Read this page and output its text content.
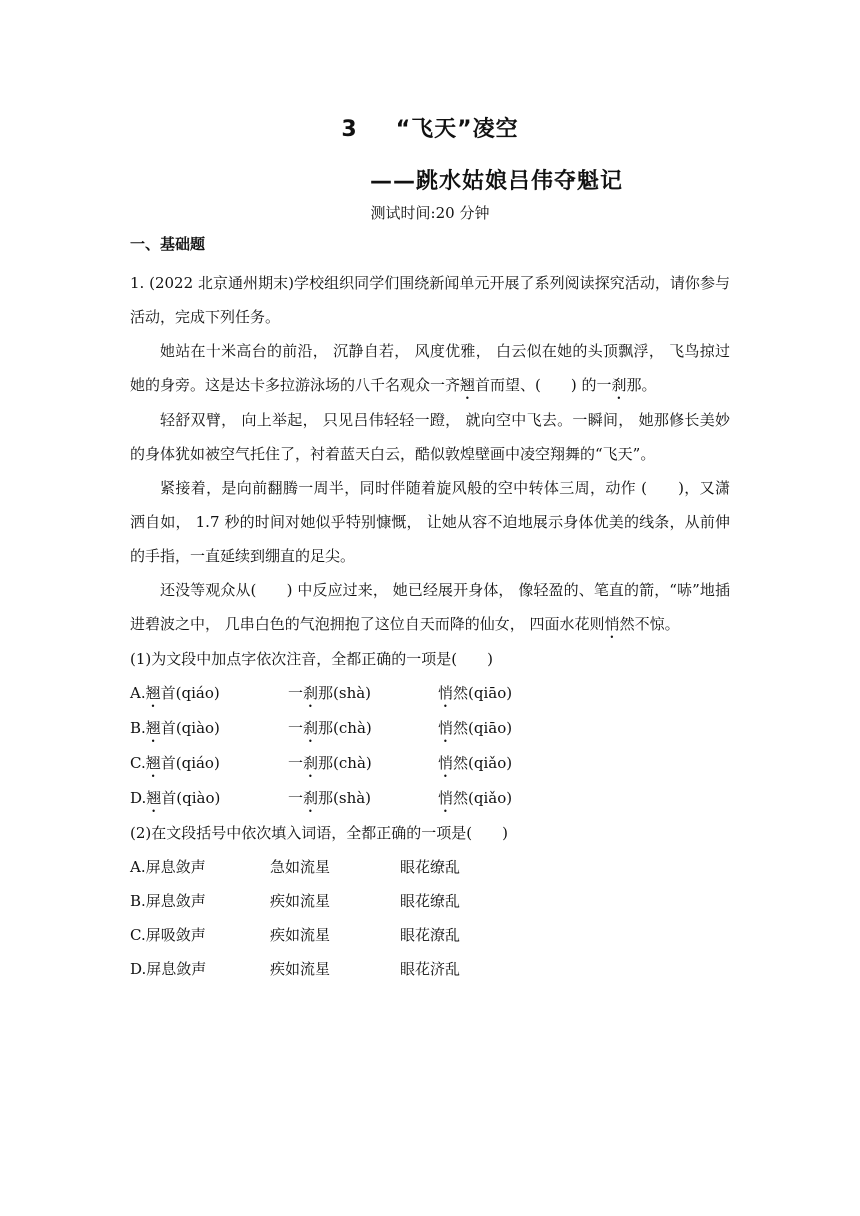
3 “飞天”凌空
——跳水姑娘吕伟夺魁记
测试时间:20 分钟
一、基础题

1. (2022 北京通州期末)学校组织同学们围绕新闻单元开展了系列阅读探究活动，请你参与活动，完成下列任务。

她站在十米高台的前沿， 沉静自若， 风度优雅， 白云似在她的头顶飘浮， 飞鸟掠过她的身旁。这是达卡多拉游泳场的八千名观众一齐翘首而望、(　　) 的一刹那。

轻舒双臂， 向上举起， 只见吕伟轻轻一蹬， 就向空中飞去。一瞬间， 她那修长美妙的身体犹如被空气托住了，衬着蓝天白云，酷似敦煌壁画中凌空翔舞的“飞天”。

紧接着，是向前翻腾一周半，同时伴随着旋风般的空中转体三周，动作 (　　)，又潇洒自如， 1.7 秒的时间对她似乎特别慷慨， 让她从容不迫地展示身体优美的线条，从前伸的手指，一直延续到绷直的足尖。

还没等观众从(　　) 中反应过来， 她已经展开身体， 像轻盈的、笔直的箭，“哧”地插进碧波之中， 几串白色的气泡拥抱了这位自天而降的仙女， 四面水花则悄然不惊。

(1)为文段中加点字依次注音，全都正确的一项是(　　)

A.翘首(qiáo)	一刹那(shà)	悄然(qiāo)
B.翘首(qiào)	一刹那(chà)	悄然(qiāo)
C.翘首(qiáo)	一刹那(chà)	悄然(qiǎo)
D.翘首(qiào)	一刹那(shà)	悄然(qiǎo)

(2)在文段括号中依次填入词语，全都正确的一项是(　　)

A.屏息敛声	急如流星	眼花缭乱
B.屏息敛声	疾如流星	眼花缭乱
C.屏吸敛声	疾如流星	眼花潦乱
D.屏息敛声	疾如流星	眼花济乱
